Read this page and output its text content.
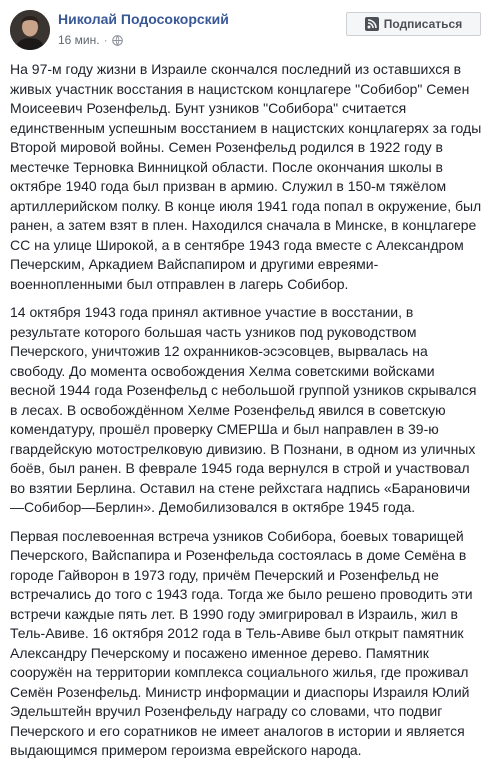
Николай Подосокорский
16 мин. ·
Подписаться

На 97-м году жизни в Израиле скончался последний из оставшихся в живых участник восстания в нацистском концлагере "Собибор" Семен Моисеевич Розенфельд. Бунт узников "Собибора" считается единственным успешным восстанием в нацистских концлагерях за годы Второй мировой войны. Семен Розенфельд родился в 1922 году в местечке Терновка Винницкой области. После окончания школы в октябре 1940 года был призван в армию. Служил в 150-м тяжёлом артиллерийском полку. В конце июля 1941 года попал в окружение, был ранен, а затем взят в плен. Находился сначала в Минске, в концлагере СС на улице Широкой, а в сентябре 1943 года вместе с Александром Печерским, Аркадием Вайспапиром и другими евреями-военнопленными был отправлен в лагерь Собибор.

14 октября 1943 года принял активное участие в восстании, в результате которого большая часть узников под руководством Печерского, уничтожив 12 охранников-эсэсовцев, вырвалась на свободу. До момента освобождения Хелма советскими войсками весной 1944 года Розенфельд с небольшой группой узников скрывался в лесах. В освобождённом Хелме Розенфельд явился в советскую комендатуру, прошёл проверку СМЕРШа и был направлен в 39-ю гвардейскую мотострелковую дивизию. В Познани, в одном из уличных боёв, был ранен. В феврале 1945 года вернулся в строй и участвовал во взятии Берлина. Оставил на стене рейхстага надпись «Барановичи—Собибор—Берлин». Демобилизовался в октябре 1945 года.

Первая послевоенная встреча узников Собибора, боевых товарищей Печерского, Вайспапира и Розенфельда состоялась в доме Семёна в городе Гайворон в 1973 году, причём Печерский и Розенфельд не встречались до того с 1943 года. Тогда же было решено проводить эти встречи каждые пять лет. В 1990 году эмигрировал в Израиль, жил в Тель-Авиве. 16 октября 2012 года в Тель-Авиве был открыт памятник Александру Печерскому и посажено именное дерево. Памятник сооружён на территории комплекса социального жилья, где проживал Семён Розенфельд. Министр информации и диаспоры Израиля Юлий Эдельштейн вручил Розенфельду награду со словами, что подвиг Печерского и его соратников не имеет аналогов в истории и является выдающимся примером героизма еврейского народа.
